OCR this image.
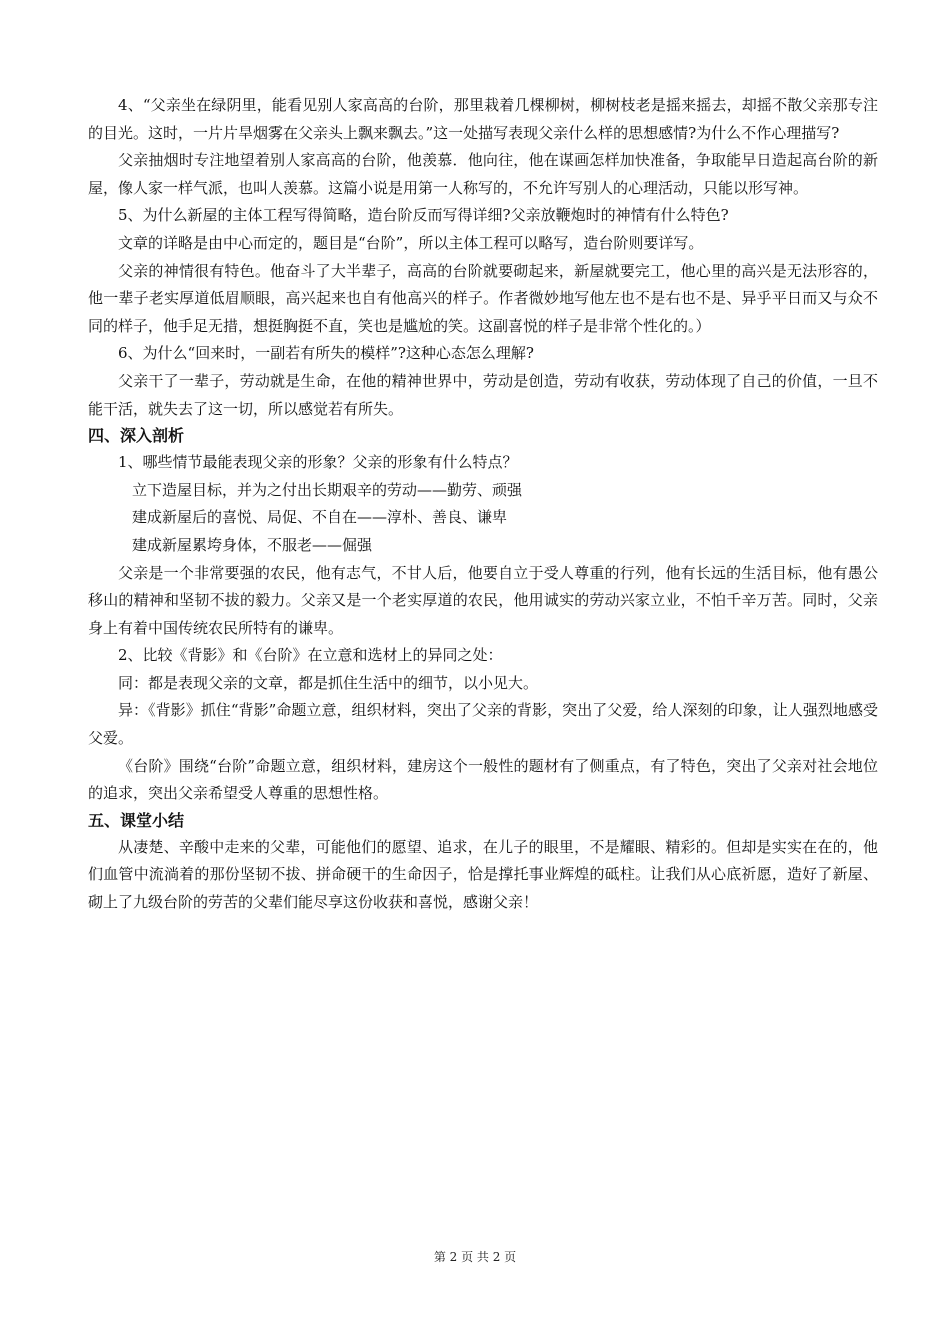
4、“父亲坐在绿阴里，能看见别人家高高的台阶，那里栽着几棵柳树，柳树枝老是摇来摇去，却摇不散父亲那专注的目光。这时，一片片旱烟雾在父亲头上飘来飘去。”这一处描写表现父亲什么样的思想感情?为什么不作心理描写?

父亲抽烟时专注地望着别人家高高的台阶，他羡慕．他向往，他在谋画怎样加快准备，争取能早日造起高台阶的新屋，像人家一样气派，也叫人羡慕。这篇小说是用第一人称写的，不允许写别人的心理活动，只能以形写神。

5、为什么新屋的主体工程写得简略，造台阶反而写得详细?父亲放鞭炮时的神情有什么特色?

文章的详略是由中心而定的，题目是“台阶”，所以主体工程可以略写，造台阶则要详写。

父亲的神情很有特色。他奋斗了大半辈子，高高的台阶就要砌起来，新屋就要完工，他心里的高兴是无法形容的，他一辈子老实厚道低眉顺眼，高兴起来也自有他高兴的样子。作者微妙地写他左也不是右也不是、异乎平日而又与众不同的样子，他手足无措，想挺胸挺不直，笑也是尴尬的笑。这副喜悦的样子是非常个性化的。）

6、为什么“回来时，一副若有所失的模样”?这种心态怎么理解?

父亲干了一辈子，劳动就是生命，在他的精神世界中，劳动是创造，劳动有收获，劳动体现了自己的价值，一旦不能干活，就失去了这一切，所以感觉若有所失。

四、深入剖析

1、哪些情节最能表现父亲的形象？父亲的形象有什么特点？

立下造屋目标，并为之付出长期艰辛的劳动——勤劳、顽强

建成新屋后的喜悦、局促、不自在——淳朴、善良、谦卑

建成新屋累垮身体，不服老——倔强

父亲是一个非常要强的农民，他有志气，不甘人后，他要自立于受人尊重的行列，他有长远的生活目标，他有愚公移山的精神和坚韧不拔的毅力。父亲又是一个老实厚道的农民，他用诚实的劳动兴家立业，不怕千辛万苦。同时，父亲身上有着中国传统农民所特有的谦卑。

2、比较《背影》和《台阶》在立意和选材上的异同之处：

同：都是表现父亲的文章，都是抓住生活中的细节，以小见大。

异：《背影》抓住“背影”命题立意，组织材料，突出了父亲的背影，突出了父爱，给人深刻的印象，让人强烈地感受父爱。

《台阶》围绕“台阶”命题立意，组织材料，建房这个一般性的题材有了侧重点，有了特色，突出了父亲对社会地位的追求，突出父亲希望受人尊重的思想性格。

五、课堂小结

从凄楚、辛酸中走来的父辈，可能他们的愿望、追求，在儿子的眼里，不是耀眼、精彩的。但却是实实在在的，他们血管中流淌着的那份坚韧不拔、拼命硬干的生命因子，恰是撑托事业辉煌的砥柱。让我们从心底祈愿，造好了新屋、砌上了九级台阶的劳苦的父辈们能尽享这份收获和喜悦，感谢父亲！

第 2 页 共 2 页
